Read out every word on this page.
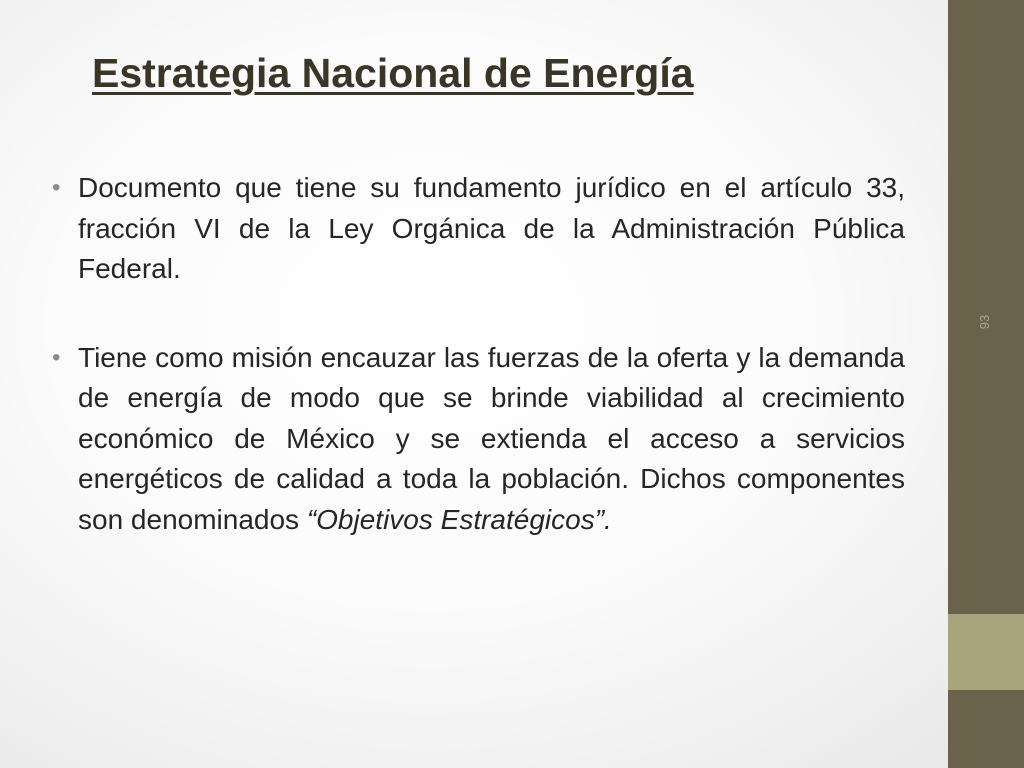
Estrategia Nacional de Energía
• Documento que tiene su fundamento jurídico en el artículo 33, fracción VI de la Ley Orgánica de la Administración Pública Federal.
• Tiene como misión encauzar las fuerzas de la oferta y la demanda de energía de modo que se brinde viabilidad al crecimiento económico de México y se extienda el acceso a servicios energéticos de calidad a toda la población. Dichos componentes son denominados “Objetivos Estratégicos”.
93
